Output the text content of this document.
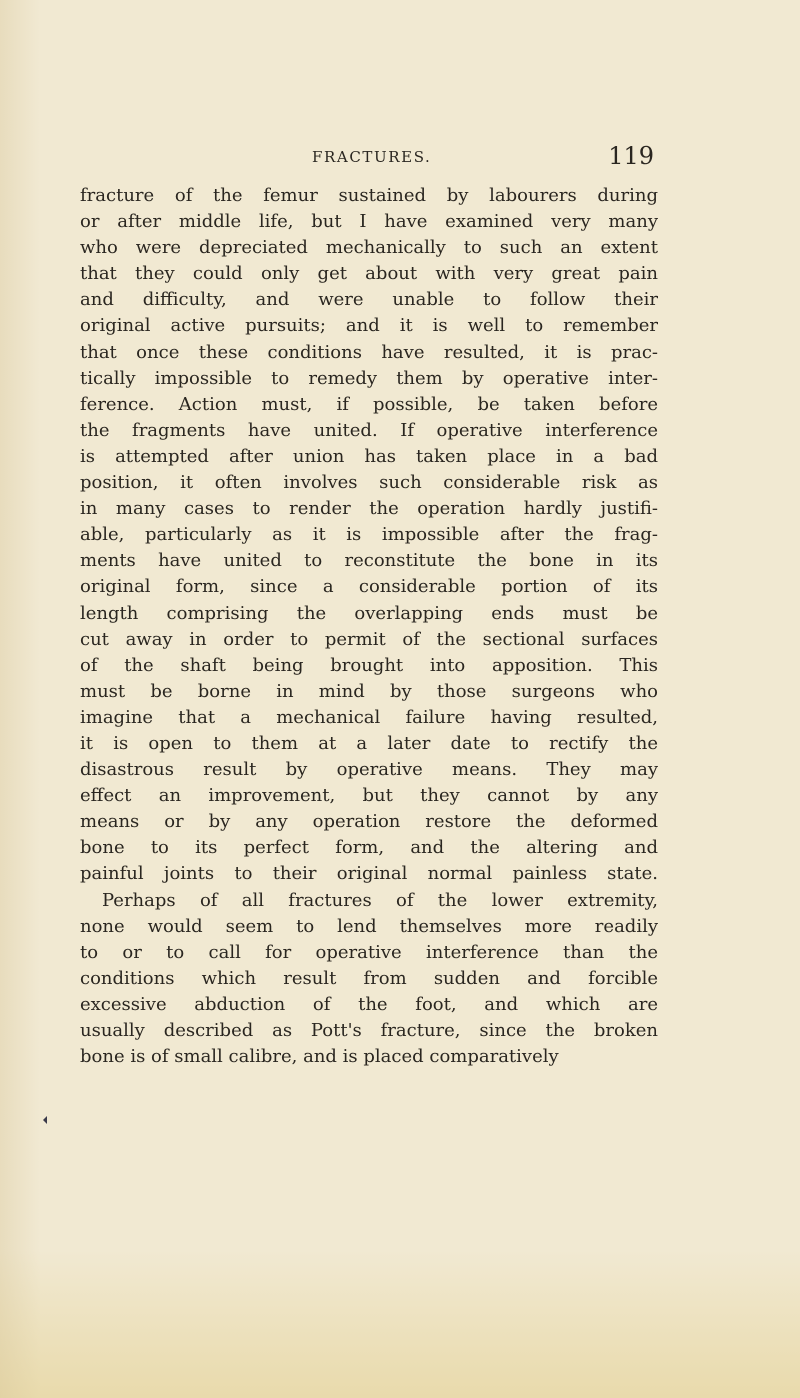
FRACTURES.	119
fracture of the femur sustained by labourers during
or after middle life, but I have examined very many
who were depreciated mechanically to such an extent
that they could only get about with very great pain
and difficulty, and were unable to follow their
original active pursuits; and it is well to remember
that once these conditions have resulted, it is prac-
tically impossible to remedy them by operative inter-
ference. Action must, if possible, be taken before
the fragments have united. If operative interference
is attempted after union has taken place in a bad
position, it often involves such considerable risk as
in many cases to render the operation hardly justifi-
able, particularly as it is impossible after the frag-
ments have united to reconstitute the bone in its
original form, since a considerable portion of its
length comprising the overlapping ends must be
cut away in order to permit of the sectional surfaces
of the shaft being brought into apposition. This
must be borne in mind by those surgeons who
imagine that a mechanical failure having resulted,
it is open to them at a later date to rectify the
disastrous result by operative means. They may
effect an improvement, but they cannot by any
means or by any operation restore the deformed
bone to its perfect form, and the altering and
painful joints to their original normal painless state.
Perhaps of all fractures of the lower extremity,
none would seem to lend themselves more readily
to or to call for operative interference than the
conditions which result from sudden and forcible
excessive abduction of the foot, and which are
usually described as Pott's fracture, since the broken
bone is of small calibre, and is placed comparatively
